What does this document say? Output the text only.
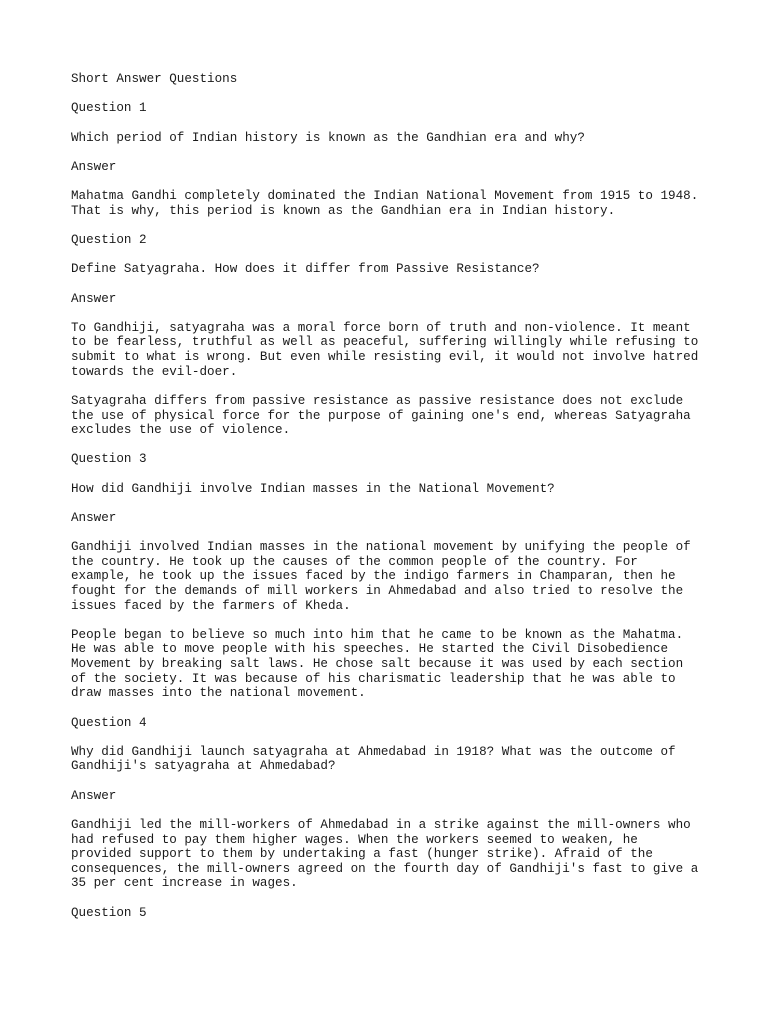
Short Answer Questions
Question 1
Which period of Indian history is known as the Gandhian era and why?
Answer
Mahatma Gandhi completely dominated the Indian National Movement from 1915 to 1948.
That is why, this period is known as the Gandhian era in Indian history.
Question 2
Define Satyagraha. How does it differ from Passive Resistance?
Answer
To Gandhiji, satyagraha was a moral force born of truth and non-violence. It meant
to be fearless, truthful as well as peaceful, suffering willingly while refusing to
submit to what is wrong. But even while resisting evil, it would not involve hatred
towards the evil-doer.
Satyagraha differs from passive resistance as passive resistance does not exclude
the use of physical force for the purpose of gaining one's end, whereas Satyagraha
excludes the use of violence.
Question 3
How did Gandhiji involve Indian masses in the National Movement?
Answer
Gandhiji involved Indian masses in the national movement by unifying the people of
the country. He took up the causes of the common people of the country. For
example, he took up the issues faced by the indigo farmers in Champaran, then he
fought for the demands of mill workers in Ahmedabad and also tried to resolve the
issues faced by the farmers of Kheda.
People began to believe so much into him that he came to be known as the Mahatma.
He was able to move people with his speeches. He started the Civil Disobedience
Movement by breaking salt laws. He chose salt because it was used by each section
of the society. It was because of his charismatic leadership that he was able to
draw masses into the national movement.
Question 4
Why did Gandhiji launch satyagraha at Ahmedabad in 1918? What was the outcome of
Gandhiji's satyagraha at Ahmedabad?
Answer
Gandhiji led the mill-workers of Ahmedabad in a strike against the mill-owners who
had refused to pay them higher wages. When the workers seemed to weaken, he
provided support to them by undertaking a fast (hunger strike). Afraid of the
consequences, the mill-owners agreed on the fourth day of Gandhiji's fast to give a
35 per cent increase in wages.
Question 5
